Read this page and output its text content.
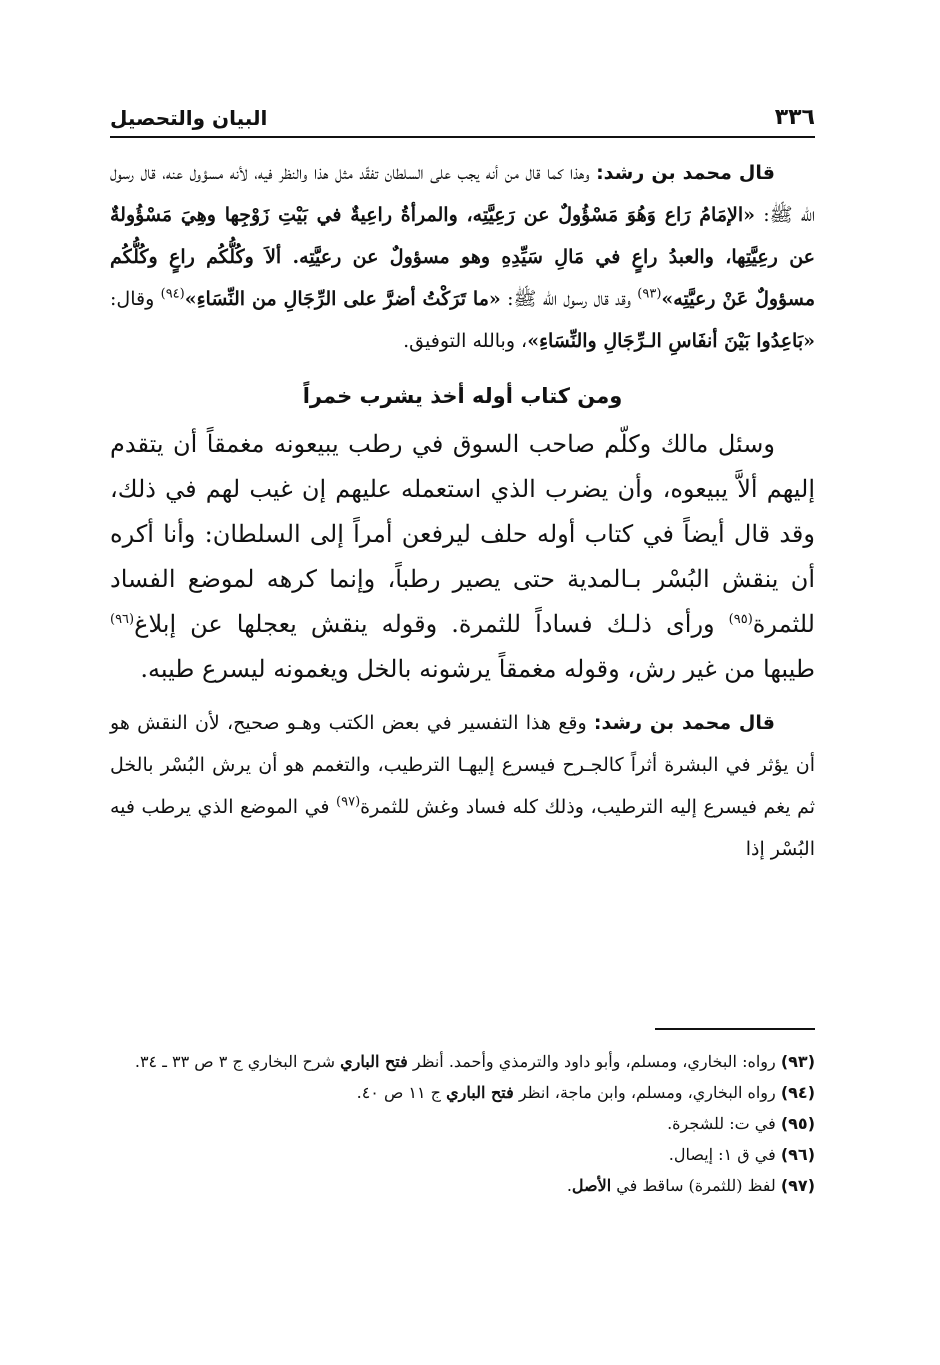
٣٣٦
البيان والتحصيل

قال محمد بن رشد: وهذا كما قال من أنه يجب على السلطان تفقّد مثل هذا والنظر فيه، لأنه مسؤول عنه، قال رسول الله ﷺ: «الإمَامُ رَاع وَهُوَ مَسْؤُولٌ عن رَعِيَّتِه، والمرأةُ راعِيةٌ في بَيْتِ زَوْجِها وهِيَ مَسْؤُولةٌ عن رعِيَّتِها، والعبدُ راعٍ في مَالِ سَيِّدِهِ وهو مسؤولٌ عن رعيَّتِه. ألاَ وكُلُّكُم راعٍ وكُلُّكُم مسؤولٌ عَنْ رعيَّتِه»$^{(٩٣)}$ وقد قال رسول الله ﷺ: «ما تَرَكْتُ أضرَّ على الرِّجَالِ من النِّسَاءِ»$^{(٩٤)}$ وقال: «بَاعِدُوا بَيْنَ أنفَاسِ الـرِّجَالِ والنِّسَاءِ»، وبالله التوفيق.

ومن كتاب أوله أخذ يشرب خمراً

وسئل مالك وكلّم صاحب السوق في رطب يبيعونه مغمقاً أن يتقدم إليهم ألاَّ يبيعوه، وأن يضرب الذي استعمله عليهم إن غيب لهم في ذلك، وقد قال أيضاً في كتاب أوله حلف ليرفعن أمراً إلى السلطان: وأنا أكره أن ينقش البُسْر بـالمدية حتى يصير رطباً، وإنما كرهه لموضع الفساد للثمرة$^{(٩٥)}$ ورأى ذلـك فساداً للثمرة. وقوله ينقش يعجلها عن إبلاغ$^{(٩٦)}$ طيبها من غير رش، وقوله مغمقاً يرشونه بالخل ويغمونه ليسرع طيبه.

قال محمد بن رشد: وقع هذا التفسير في بعض الكتب وهـو صحيح، لأن النقش هو أن يؤثر في البشرة أثراً كالجـرح فيسرع إليهـا الترطيب، والتغمم هو أن يرش البُسْر بالخل ثم يغم فيسرع إليه الترطيب، وذلك كله فساد وغش للثمرة$^{(٩٧)}$ في الموضع الذي يرطب فيه البُسْر إذا

(٩٣) رواه: البخاري، ومسلم، وأبو داود والترمذي وأحمد. أنظر فتح الباري شرح البخاري ج ٣ ص ٣٣ ـ ٣٤.

(٩٤) رواه البخاري، ومسلم، وابن ماجة، انظر فتح الباري ج ١١ ص ٤٠.

(٩٥) في ت: للشجرة.

(٩٦) في ق ١: إيصال.

(٩٧) لفظ (للثمرة) ساقط في الأصل.
